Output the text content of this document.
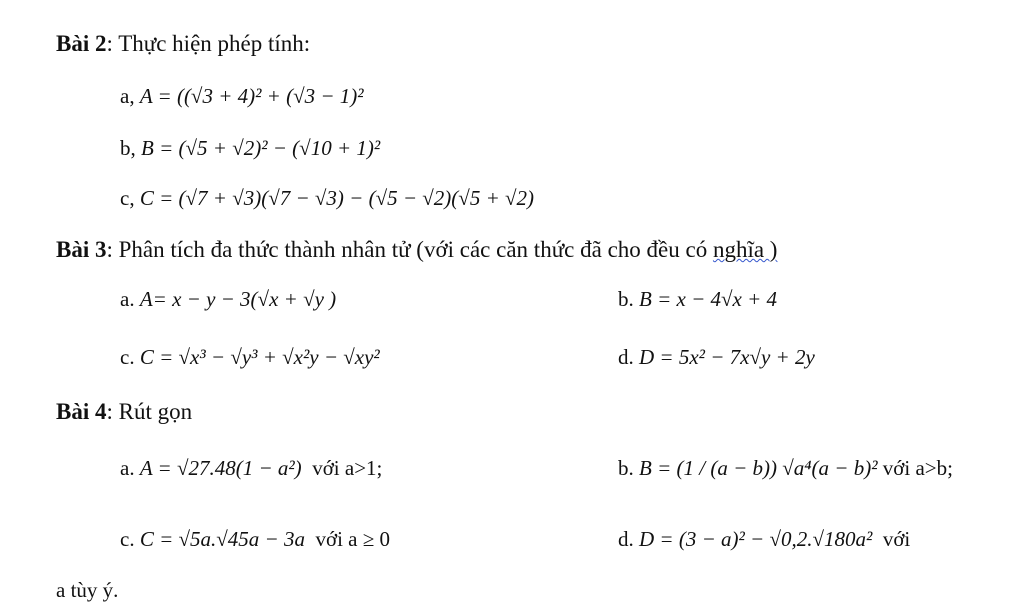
Bài 2: Thực hiện phép tính:
a, A = ((√3 + 4)² + (√3 − 1)²
b, B = (√5 + √2)² − (√10 + 1)²
c, C = (√7 + √3)(√7 − √3) − (√5 − √2)(√5 + √2)
Bài 3: Phân tích đa thức thành nhân tử (với các căn thức đã cho đều có nghĩa )
a. A= x − y − 3(√x + √y )	b. B = x − 4√x + 4
c. C = √x³ − √y³ + √x²y − √xy²	d. D = 5x² − 7x√y + 2y
Bài 4: Rút gọn
a. A = √27.48(1 − a²) với a>1;	b. B = (1 / (a − b)) √a⁴(a − b)² với a>b;
c. C = √5a.√45a − 3a với a ≥ 0	d. D = (3 − a)² − √0,2.√180a² với
a tùy ý.
